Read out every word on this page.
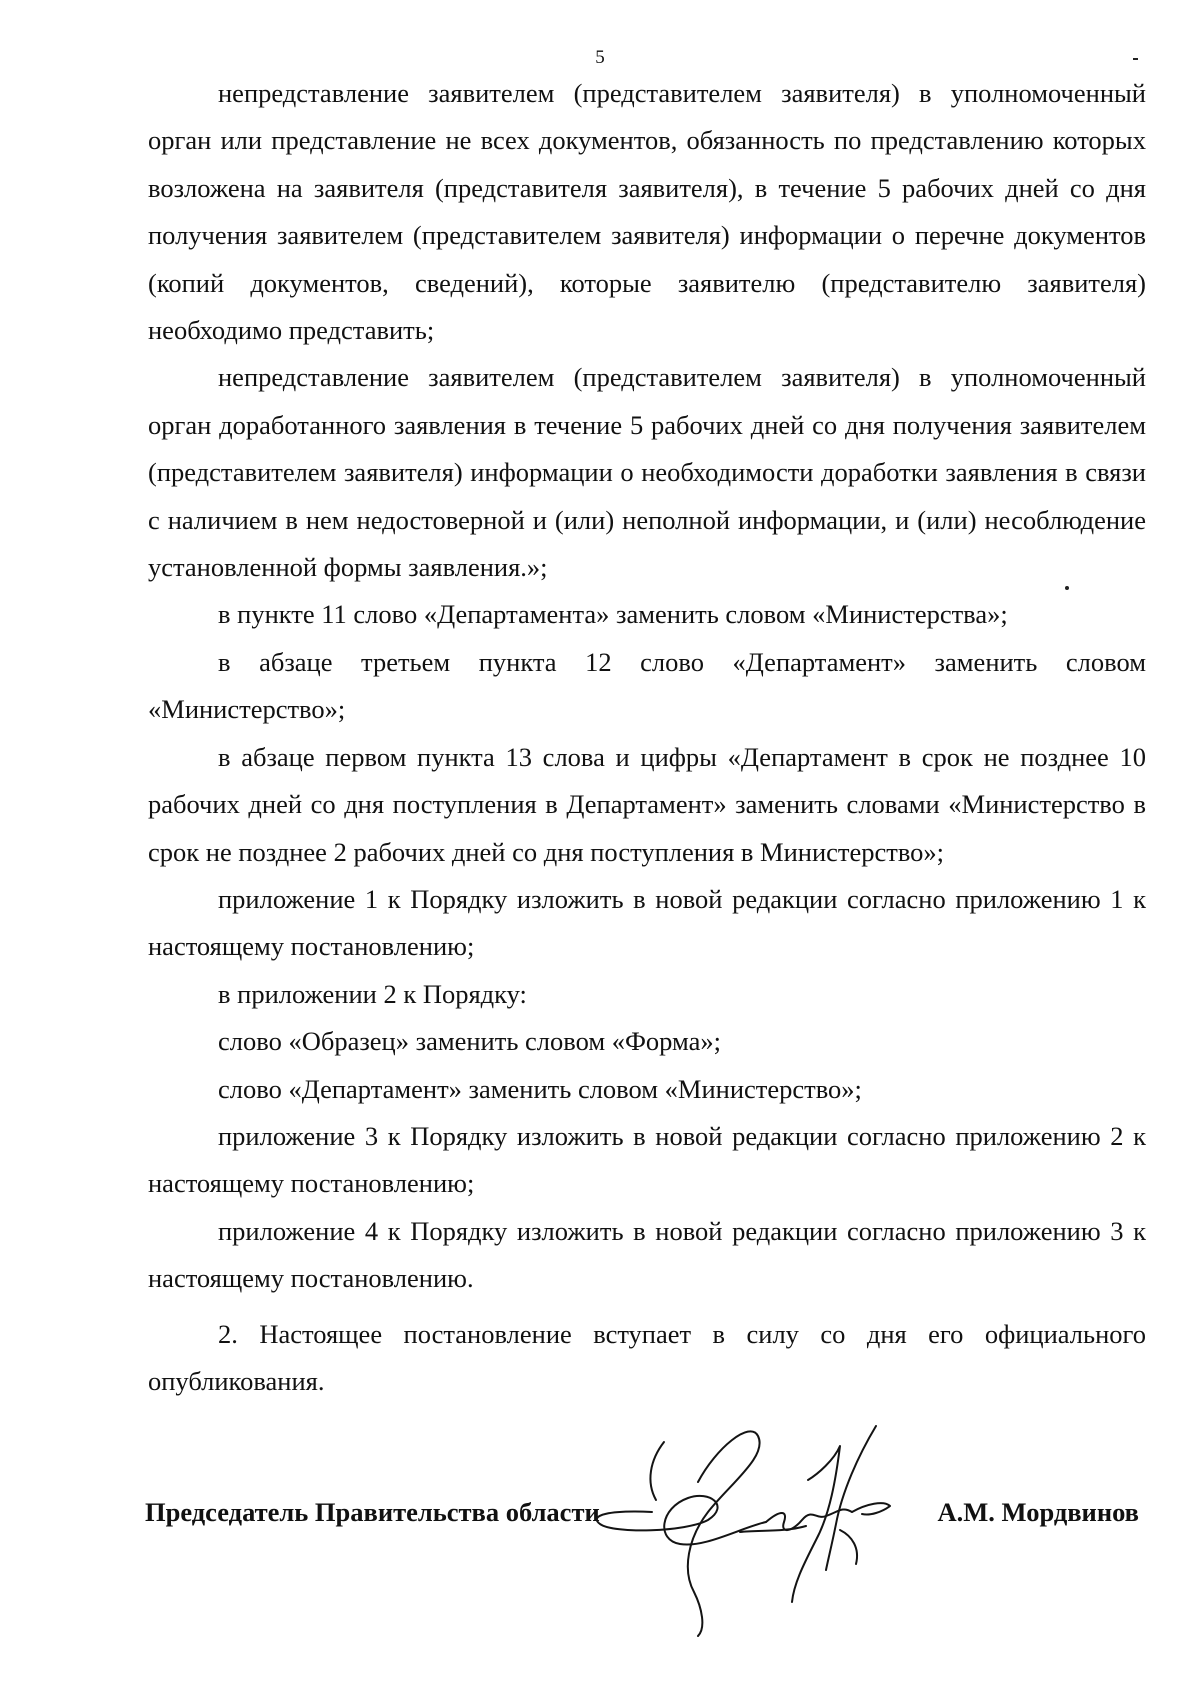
5

непредставление заявителем (представителем заявителя) в уполномоченный орган или представление не всех документов, обязанность по представлению которых возложена на заявителя (представителя заявителя), в течение 5 рабочих дней со дня получения заявителем (представителем заявителя) информации о перечне документов (копий документов, сведений), которые заявителю (представителю заявителя) необходимо представить;

непредставление заявителем (представителем заявителя) в уполномоченный орган доработанного заявления в течение 5 рабочих дней со дня получения заявителем (представителем заявителя) информации о необходимости доработки заявления в связи с наличием в нем недостоверной и (или) неполной информации, и (или) несоблюдение установленной формы заявления.»;

в пункте 11 слово «Департамента» заменить словом «Министерства»;

в абзаце третьем пункта 12 слово «Департамент» заменить словом «Министерство»;

в абзаце первом пункта 13 слова и цифры «Департамент в срок не позднее 10 рабочих дней со дня поступления в Департамент» заменить словами «Министерство в срок не позднее 2 рабочих дней со дня поступления в Министерство»;

приложение 1 к Порядку изложить в новой редакции согласно приложению 1 к настоящему постановлению;

в приложении 2 к Порядку:

слово «Образец» заменить словом «Форма»;

слово «Департамент» заменить словом «Министерство»;

приложение 3 к Порядку изложить в новой редакции согласно приложению 2 к настоящему постановлению;

приложение 4 к Порядку изложить в новой редакции согласно приложению 3 к настоящему постановлению.

2. Настоящее постановление вступает в силу со дня его официального опубликования.

Председатель Правительства области	А.М. Мордвинов
